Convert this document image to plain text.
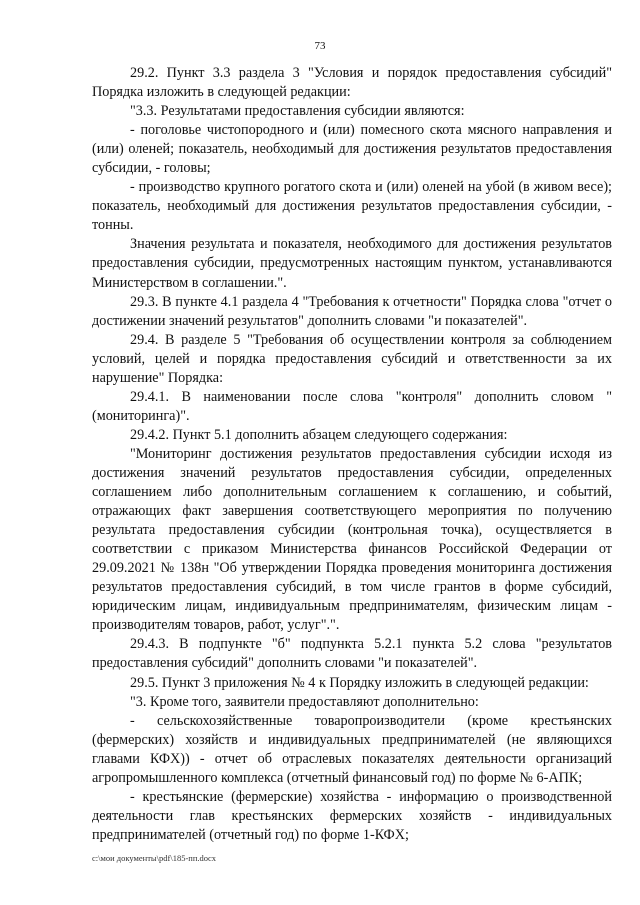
73

29.2. Пункт 3.3 раздела 3 "Условия и порядок предоставления субсидий" Порядка изложить в следующей редакции:

"3.3. Результатами предоставления субсидии являются:

- поголовье чистопородного и (или) помесного скота мясного направления и (или) оленей; показатель, необходимый для достижения результатов предоставления субсидии, - головы;

- производство крупного рогатого скота и (или) оленей на убой (в живом весе); показатель, необходимый для достижения результатов предоставления субсидии, - тонны.

Значения результата и показателя, необходимого для достижения результатов предоставления субсидии, предусмотренных настоящим пунктом, устанавливаются Министерством в соглашении.".

29.3. В пункте 4.1 раздела 4 "Требования к отчетности" Порядка слова "отчет о достижении значений результатов" дополнить словами "и показателей".

29.4. В разделе 5 "Требования об осуществлении контроля за соблюдением условий, целей и порядка предоставления субсидий и ответственности за их нарушение" Порядка:

29.4.1. В наименовании после слова "контроля" дополнить словом "(мониторинга)".

29.4.2. Пункт 5.1 дополнить абзацем следующего содержания:

"Мониторинг достижения результатов предоставления субсидии исходя из достижения значений результатов предоставления субсидии, определенных соглашением либо дополнительным соглашением к соглашению, и событий, отражающих факт завершения соответствующего мероприятия по получению результата предоставления субсидии (контрольная точка), осуществляется в соответствии с приказом Министерства финансов Российской Федерации от 29.09.2021 № 138н "Об утверждении Порядка проведения мониторинга достижения результатов предоставления субсидий, в том числе грантов в форме субсидий, юридическим лицам, индивидуальным предпринимателям, физическим лицам - производителям товаров, работ, услуг".".

29.4.3. В подпункте "б" подпункта 5.2.1 пункта 5.2 слова "результатов предоставления субсидий" дополнить словами "и показателей".

29.5. Пункт 3 приложения № 4 к Порядку изложить в следующей редакции:

"3. Кроме того, заявители предоставляют дополнительно:

- сельскохозяйственные товаропроизводители (кроме крестьянских (фермерских) хозяйств и индивидуальных предпринимателей (не являющихся главами КФХ)) - отчет об отраслевых показателях деятельности организаций агропромышленного комплекса (отчетный финансовый год) по форме № 6-АПК;

- крестьянские (фермерские) хозяйства - информацию о производственной деятельности глав крестьянских фермерских хозяйств - индивидуальных предпринимателей (отчетный год) по форме 1-КФХ;

c:\мои документы\pdf\185-пп.docx
